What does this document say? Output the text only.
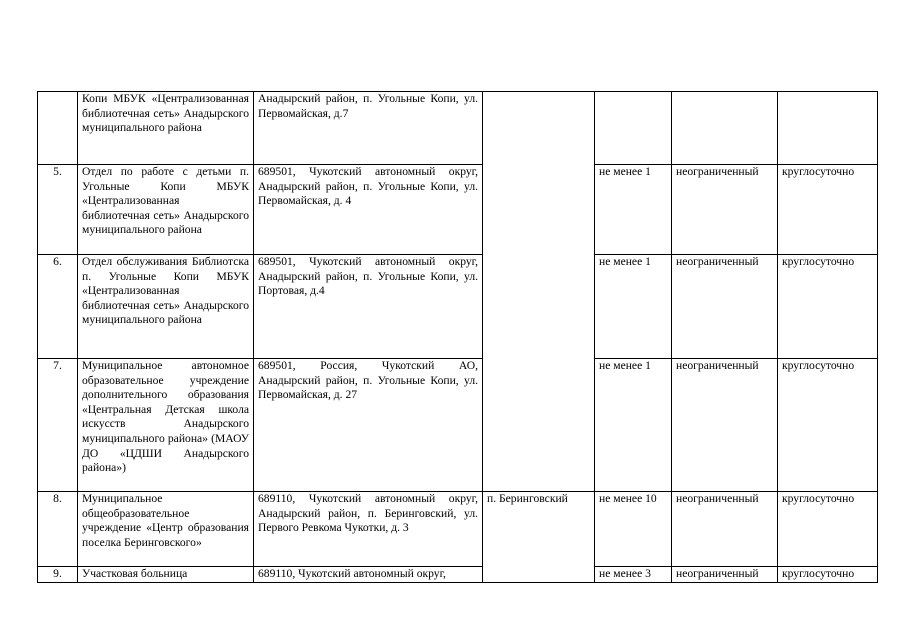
	Копи МБУК «Централизованная библиотечная сеть» Анадырского муниципального района	Анадырский район, п. Угольные Копи, ул. Первомайская, д.7				
5.	Отдел по работе с детьми п. Угольные Копи МБУК «Централизованная библиотечная сеть» Анадырского муниципального района	689501, Чукотский автономный округ, Анадырский район, п. Угольные Копи, ул. Первомайская, д. 4		не менее 1	неограниченный	круглосуточно
6.	Отдел обслуживания Библиотска п. Угольные Копи МБУК «Централизованная библиотечная сеть» Анадырского муниципального района	689501, Чукотский автономный округ, Анадырский район, п. Угольные Копи, ул. Портовая, д.4		не менее 1	неограниченный	круглосуточно
7.	Муниципальное автономное образовательное учреждение дополнительного образования «Центральная Детская школа искусств Анадырского муниципального района» (МАОУ ДО «ЦДШИ Анадырского района»)	689501, Россия, Чукотский АО, Анадырский район, п. Угольные Копи, ул. Первомайская, д. 27		не менее 1	неограниченный	круглосуточно
8.	Муниципальное общеобразовательное учреждение «Центр образования поселка Беринговского»	689110, Чукотский автономный округ, Анадырский район, п. Беринговский, ул. Первого Ревкома Чукотки, д. 3	п. Беринговский	не менее 10	неограниченный	круглосуточно
9.	Участковая больница	689110, Чукотский автономный округ,		не менее 3	неограниченный	круглосуточно
